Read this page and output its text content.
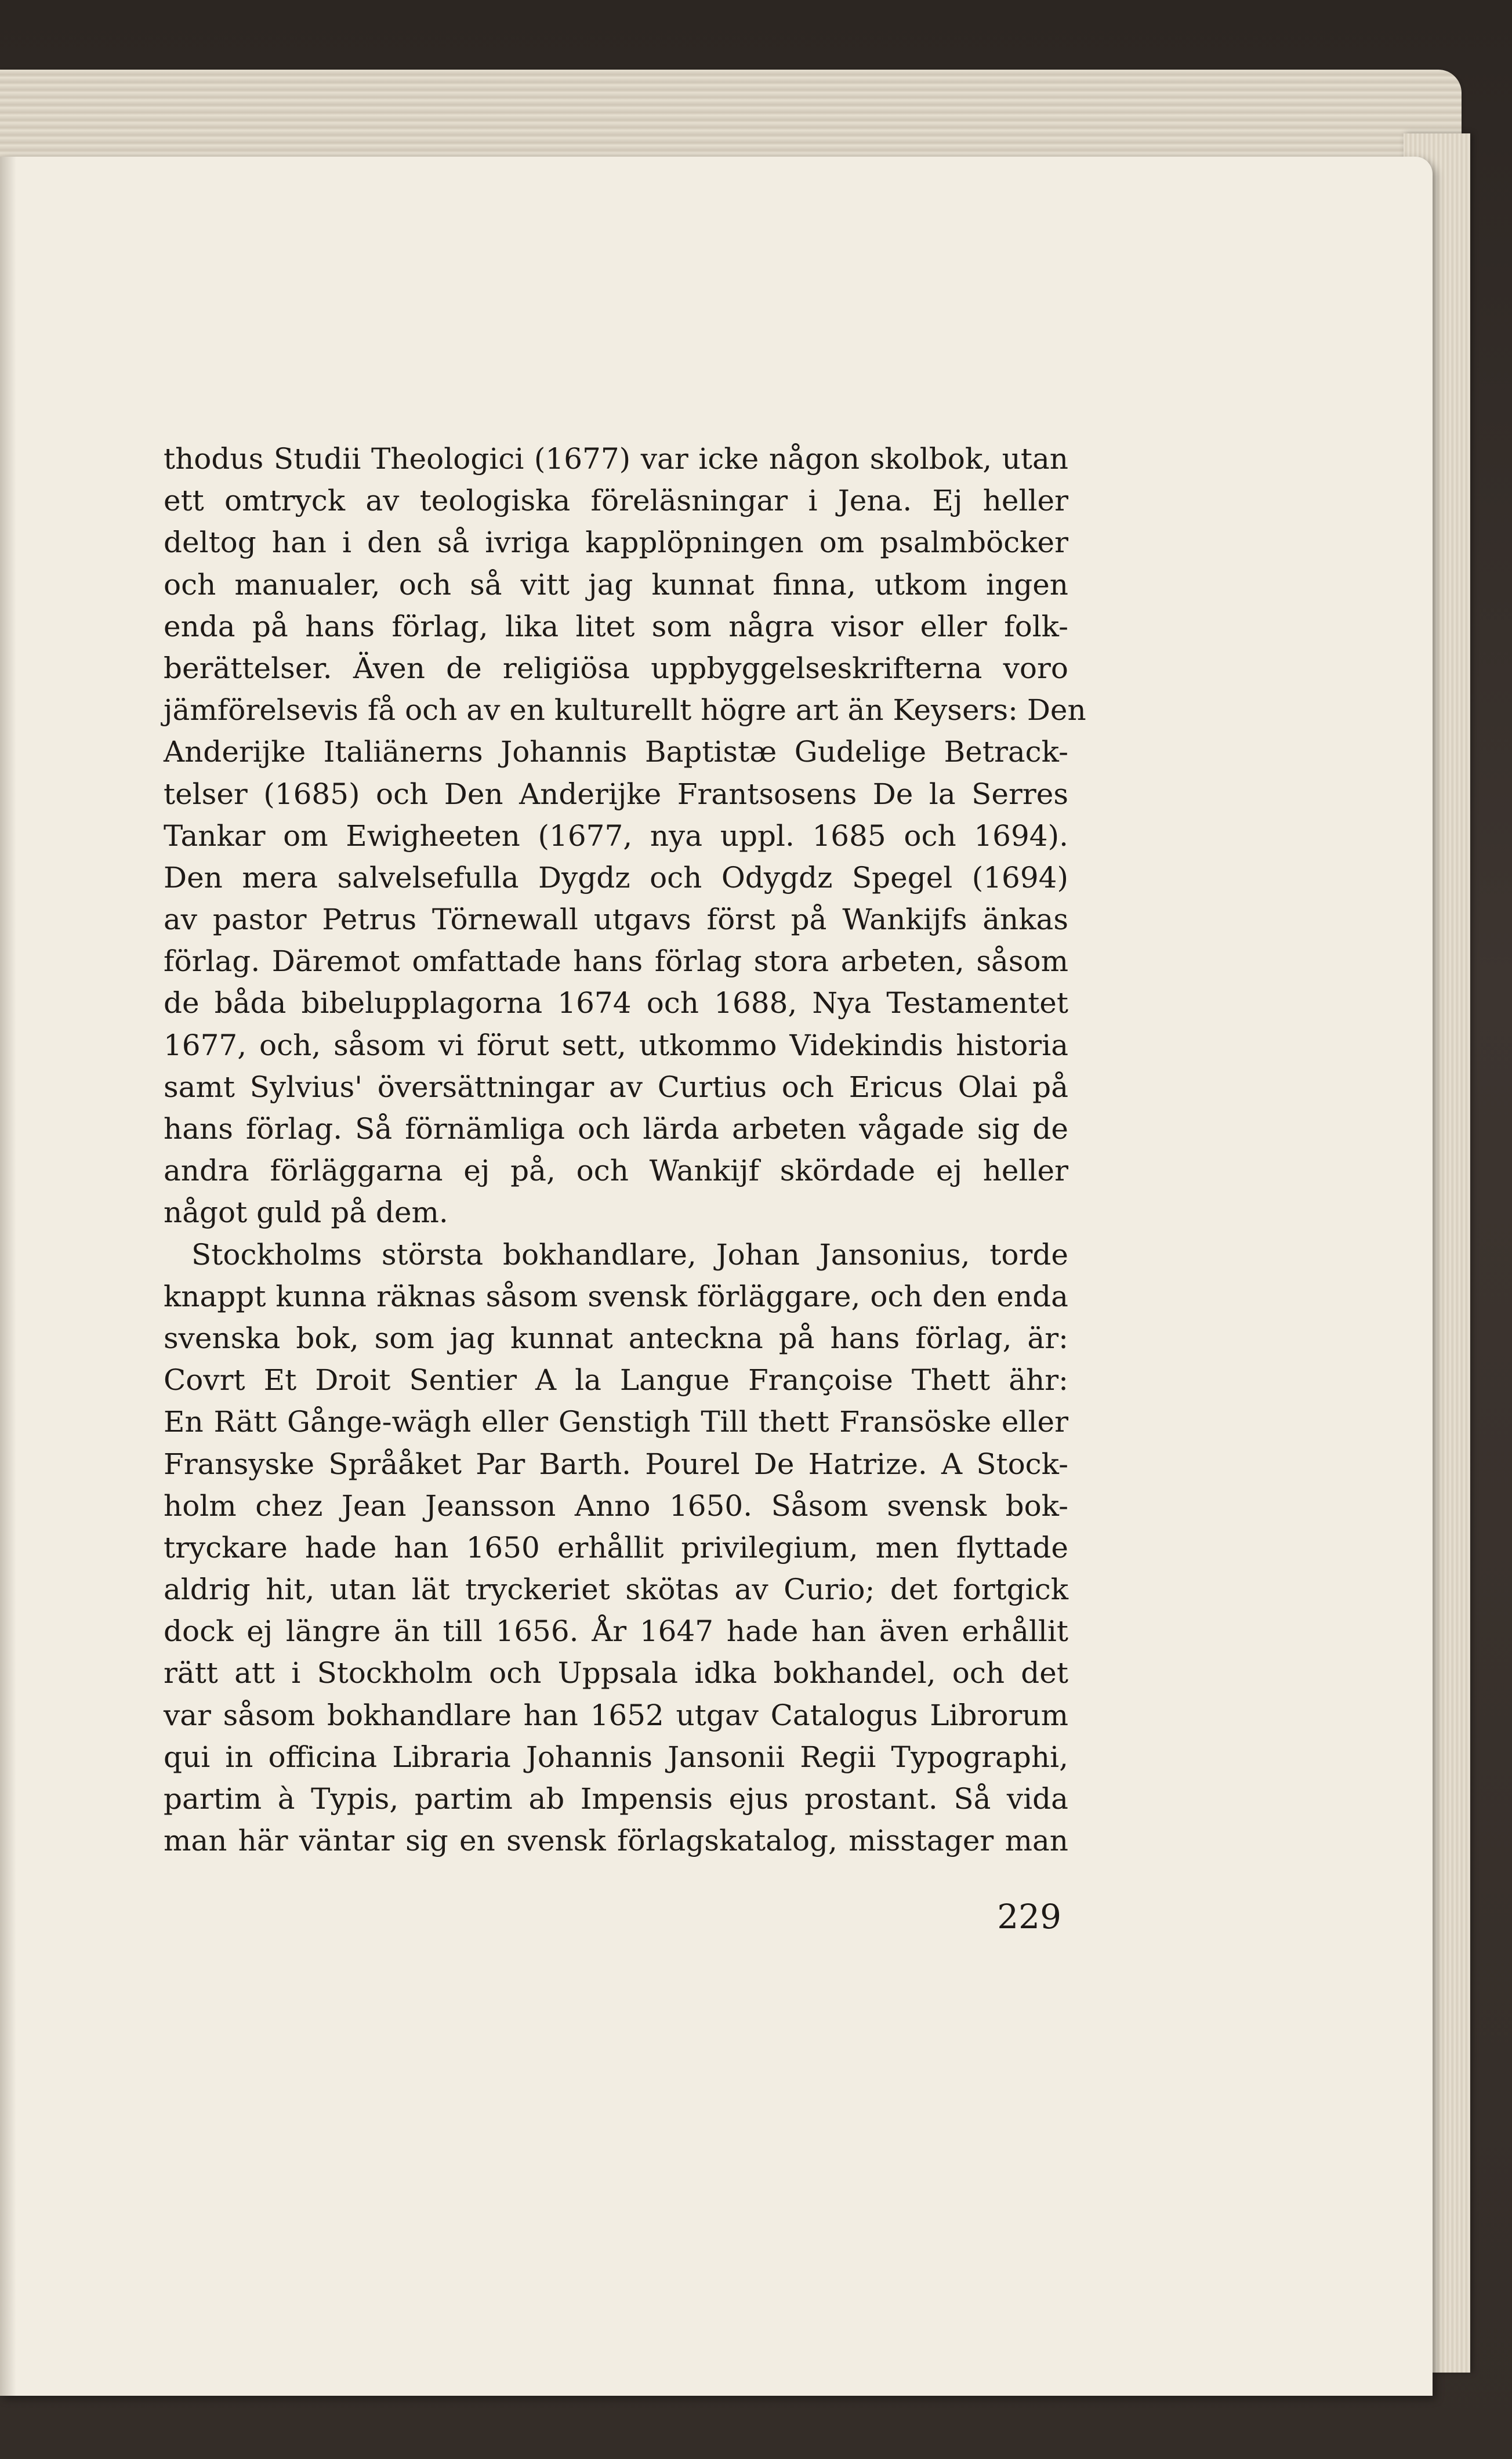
thodus Studii Theologici (1677) var icke någon skolbok, utan
ett omtryck av teologiska föreläsningar i Jena. Ej heller
deltog han i den så ivriga kapplöpningen om psalmböcker
och manualer, och så vitt jag kunnat finna, utkom ingen
enda på hans förlag, lika litet som några visor eller folk-
berättelser. Även de religiösa uppbyggelseskrifterna voro
jämförelsevis få och av en kulturellt högre art än Keysers: Den
Anderijke Italiänerns Johannis Baptistæ Gudelige Betrack-
telser (1685) och Den Anderijke Frantsosens De la Serres
Tankar om Ewigheeten (1677, nya uppl. 1685 och 1694).
Den mera salvelsefulla Dygdz och Odygdz Spegel (1694)
av pastor Petrus Törnewall utgavs först på Wankijfs änkas
förlag. Däremot omfattade hans förlag stora arbeten, såsom
de båda bibelupplagorna 1674 och 1688, Nya Testamentet
1677, och, såsom vi förut sett, utkommo Videkindis historia
samt Sylvius' översättningar av Curtius och Ericus Olai på
hans förlag. Så förnämliga och lärda arbeten vågade sig de
andra förläggarna ej på, och Wankijf skördade ej heller
något guld på dem.
Stockholms största bokhandlare, Johan Jansonius, torde
knappt kunna räknas såsom svensk förläggare, och den enda
svenska bok, som jag kunnat anteckna på hans förlag, är:
Covrt Et Droit Sentier A la Langue Françoise Thett ähr:
En Rätt Gånge-wägh eller Genstigh Till thett Fransöske eller
Fransyske Språåket Par Barth. Pourel De Hatrize. A Stock-
holm chez Jean Jeansson Anno 1650. Såsom svensk bok-
tryckare hade han 1650 erhållit privilegium, men flyttade
aldrig hit, utan lät tryckeriet skötas av Curio; det fortgick
dock ej längre än till 1656. År 1647 hade han även erhållit
rätt att i Stockholm och Uppsala idka bokhandel, och det
var såsom bokhandlare han 1652 utgav Catalogus Librorum
qui in officina Libraria Johannis Jansonii Regii Typographi,
partim à Typis, partim ab Impensis ejus prostant. Så vida
man här väntar sig en svensk förlagskatalog, misstager man
229
